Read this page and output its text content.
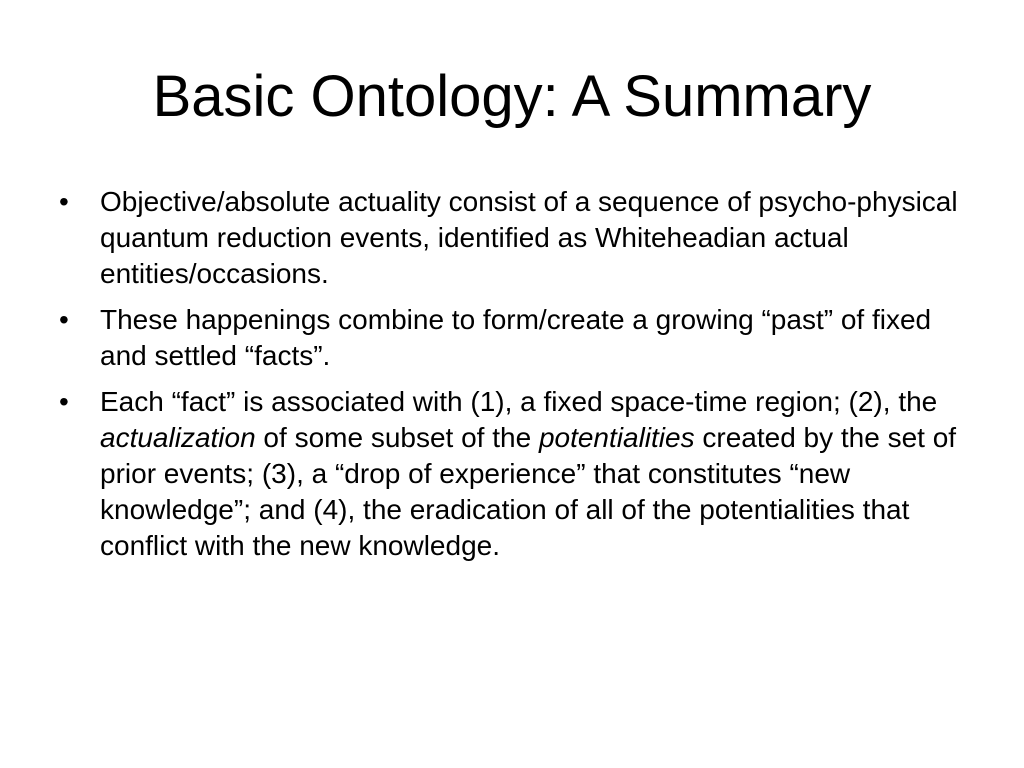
Basic Ontology: A Summary
• Objective/absolute actuality consist of a sequence of psycho-physical quantum reduction events, identified as Whiteheadian actual entities/occasions.
• These happenings combine to form/create a growing “past” of fixed and settled “facts”.
• Each “fact” is associated with (1), a fixed space-time region; (2), the actualization of some subset of the potentialities created by the set of prior events; (3), a “drop of experience” that constitutes “new knowledge”; and (4), the eradication of all of the potentialities that conflict with the new knowledge.
